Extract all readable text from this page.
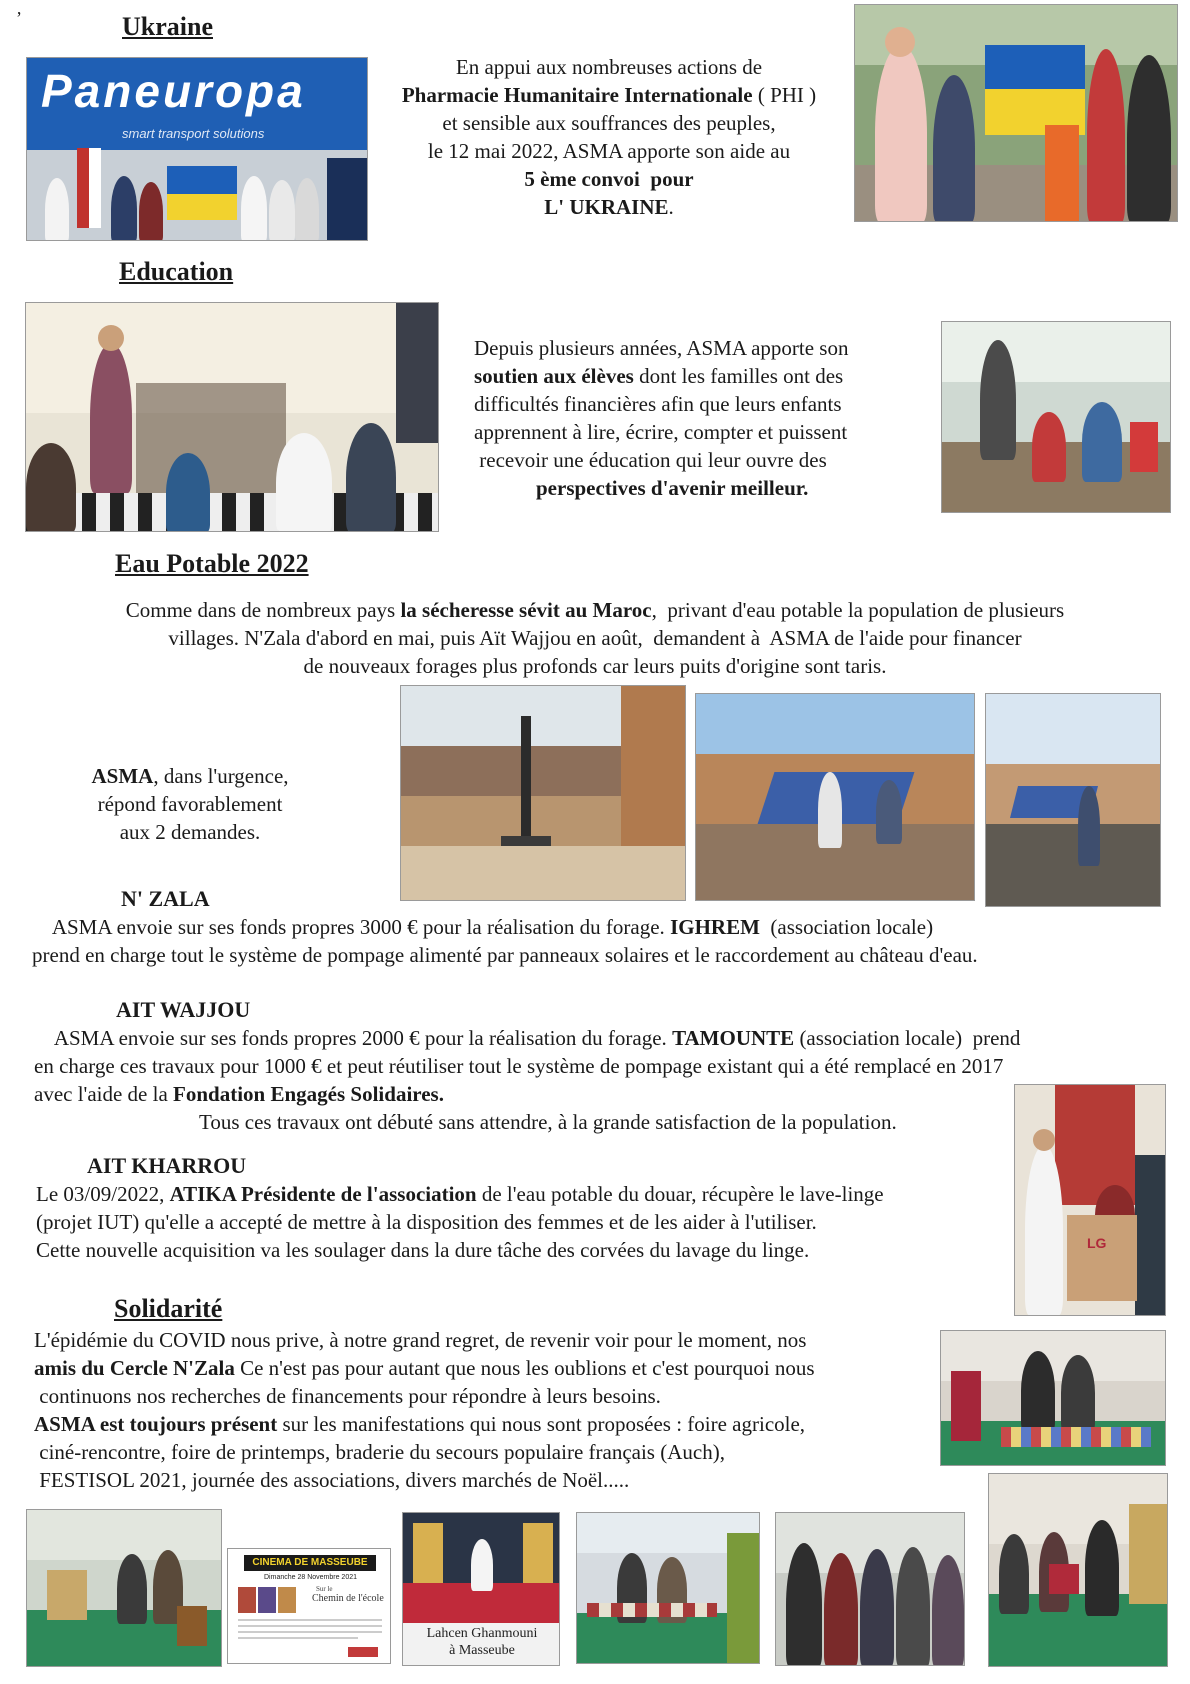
’	Ukraine
Paneuropa
smart transport solutions
En appui aux nombreuses actions de
Pharmacie Humanitaire Internationale ( PHI )
et sensible aux souffrances des peuples,
le 12 mai 2022, ASMA apporte son aide au
5 ème convoi  pour
L' UKRAINE.
Education
Depuis plusieurs années, ASMA apporte son
soutien aux élèves dont les familles ont des
difficultés financières afin que leurs enfants
apprennent à lire, écrire, compter et puissent
recevoir une éducation qui leur ouvre des
perspectives d'avenir meilleur.
Eau Potable 2022
Comme dans de nombreux pays la sécheresse sévit au Maroc,  privant d'eau potable la population de plusieurs
villages. N'Zala d'abord en mai, puis Aït Wajjou en août,  demandent à  ASMA de l'aide pour financer
de nouveaux forages plus profonds car leurs puits d'origine sont taris.
ASMA, dans l'urgence,
répond favorablement
aux 2 demandes.
N' ZALA
ASMA envoie sur ses fonds propres 3000 € pour la réalisation du forage. IGHREM  (association locale)
prend en charge tout le système de pompage alimenté par panneaux solaires et le raccordement au château d'eau.
AIT WAJJOU
ASMA envoie sur ses fonds propres 2000 € pour la réalisation du forage. TAMOUNTE (association locale)  prend
en charge ces travaux pour 1000 € et peut réutiliser tout le système de pompage existant qui a été remplacé en 2017
avec l'aide de la Fondation Engagés Solidaires.
Tous ces travaux ont débuté sans attendre, à la grande satisfaction de la population.
LG
AIT KHARROU
Le 03/09/2022, ATIKA Présidente de l'association de l'eau potable du douar, récupère le lave-linge
(projet IUT) qu'elle a accepté de mettre à la disposition des femmes et de les aider à l'utiliser.
Cette nouvelle acquisition va les soulager dans la dure tâche des corvées du lavage du linge.
Solidarité
L'épidémie du COVID nous prive, à notre grand regret, de revenir voir pour le moment, nos
amis du Cercle N'Zala Ce n'est pas pour autant que nous les oublions et c'est pourquoi nous
continuons nos recherches de financements pour répondre à leurs besoins.
ASMA est toujours présent sur les manifestations qui nous sont proposées : foire agricole,
ciné-rencontre, foire de printemps, braderie du secours populaire français (Auch),
FESTISOL 2021, journée des associations, divers marchés de Noël.....
CINEMA DE MASSEUBE
Dimanche 28 Novembre 2021
Sur le
Chemin de l'école
Lahcen Ghanmouni
à Masseube
